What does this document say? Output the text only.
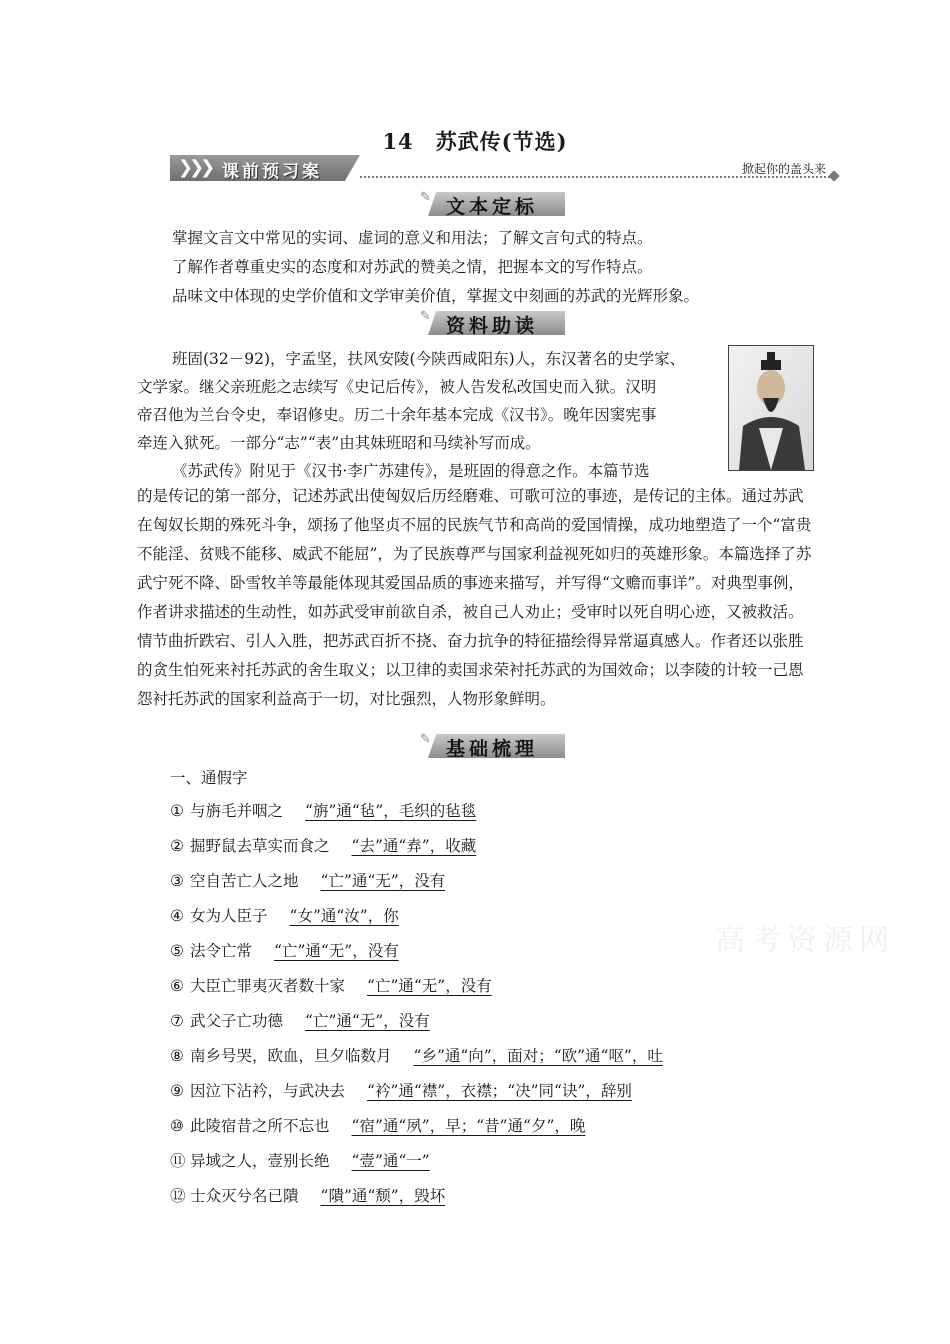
14　苏武传(节选)
❯❯❯ 课前预习案	掀起你的盖头来
✎ 文本定标

掌握文言文中常见的实词、虚词的意义和用法；了解文言句式的特点。

了解作者尊重史实的态度和对苏武的赞美之情，把握本文的写作特点。

品味文中体现的史学价值和文学审美价值，掌握文中刻画的苏武的光辉形象。

✎ 资料助读

班固(32－92)，字孟坚，扶风安陵(今陕西咸阳东)人，东汉著名的史学家、

文学家。继父亲班彪之志续写《史记后传》，被人告发私改国史而入狱。汉明

帝召他为兰台令史，奉诏修史。历二十余年基本完成《汉书》。晚年因窦宪事

牵连入狱死。一部分“志”“表”由其妹班昭和马续补写而成。

《苏武传》附见于《汉书·李广苏建传》，是班固的得意之作。本篇节选

的是传记的第一部分，记述苏武出使匈奴后历经磨难、可歌可泣的事迹，是传记的主体。通过苏武在匈奴长期的殊死斗争，颂扬了他坚贞不屈的民族气节和高尚的爱国情操，成功地塑造了一个“富贵不能淫、贫贱不能移、威武不能屈”，为了民族尊严与国家利益视死如归的英雄形象。本篇选择了苏武宁死不降、卧雪牧羊等最能体现其爱国品质的事迹来描写，并写得“文赡而事详”。对典型事例，作者讲求描述的生动性，如苏武受审前欲自杀，被自己人劝止；受审时以死自明心迹，又被救活。情节曲折跌宕、引人入胜，把苏武百折不挠、奋力抗争的特征描绘得异常逼真感人。作者还以张胜的贪生怕死来衬托苏武的舍生取义；以卫律的卖国求荣衬托苏武的为国效命；以李陵的计较一己恩怨衬托苏武的国家利益高于一切，对比强烈，人物形象鲜明。

✎ 基础梳理

一、通假字

① 与旃毛并咽之 “旃”通“毡”，毛织的毡毯
② 掘野鼠去草实而食之 “去”通“弆”，收藏
③ 空自苦亡人之地 “亡”通“无”，没有
④ 女为人臣子 “女”通“汝”，你
⑤ 法令亡常 “亡”通“无”，没有
⑥ 大臣亡罪夷灭者数十家 “亡”通“无”，没有
⑦ 武父子亡功德 “亡”通“无”，没有
⑧ 南乡号哭，欧血，旦夕临数月 “乡”通“向”，面对；“欧”通“呕”，吐
⑨ 因泣下沾衿，与武决去 “衿”通“襟”，衣襟；“决”同“诀”，辞别
⑩ 此陵宿昔之所不忘也 “宿”通“夙”，早；“昔”通“夕”，晚
⑪ 异域之人，壹别长绝 “壹”通“一”
⑫ 士众灭兮名已隤 “隤”通“颓”，毁坏
高考资源网
